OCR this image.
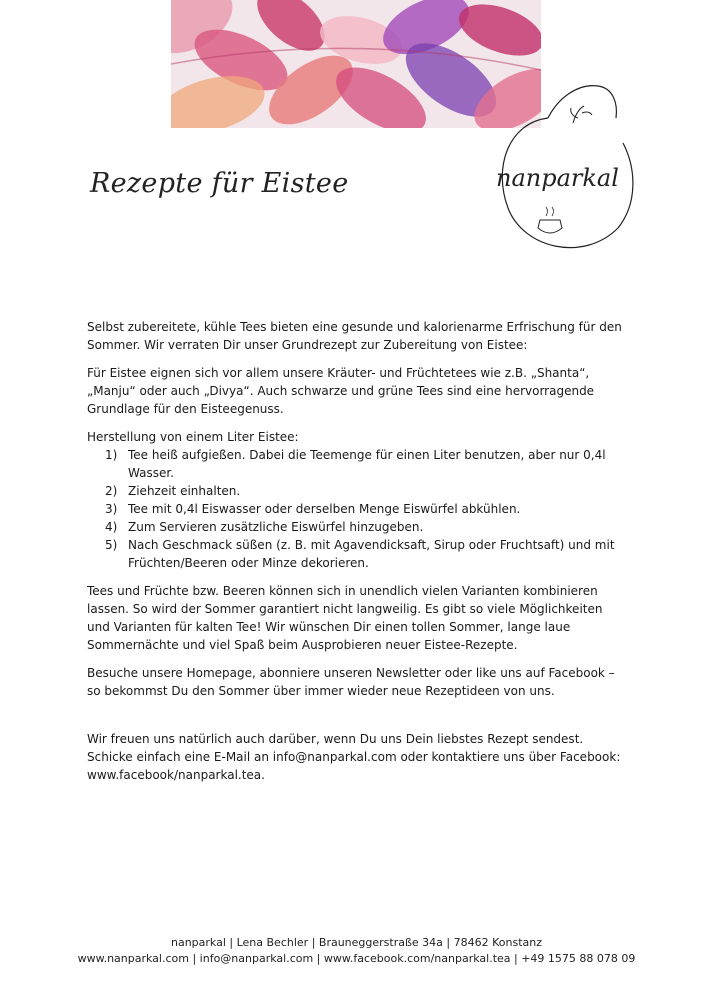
nanparkal
Rezepte für Eistee

Selbst zubereitete, kühle Tees bieten eine gesunde und kalorienarme Erfrischung für den Sommer. Wir verraten Dir unser Grundrezept zur Zubereitung von Eistee:

Für Eistee eignen sich vor allem unsere Kräuter- und Früchtetees wie z.B. „Shanta“, „Manju“ oder auch „Divya“. Auch schwarze und grüne Tees sind eine hervorragende Grundlage für den Eisteegenuss.

Herstellung von einem Liter Eistee:
1) Tee heiß aufgießen. Dabei die Teemenge für einen Liter benutzen, aber nur 0,4l Wasser.
2) Ziehzeit einhalten.
3) Tee mit 0,4l Eiswasser oder derselben Menge Eiswürfel abkühlen.
4) Zum Servieren zusätzliche Eiswürfel hinzugeben.
5) Nach Geschmack süßen (z. B. mit Agavendicksaft, Sirup oder Fruchtsaft) und mit Früchten/Beeren oder Minze dekorieren.

Tees und Früchte bzw. Beeren können sich in unendlich vielen Varianten kombinieren lassen. So wird der Sommer garantiert nicht langweilig. Es gibt so viele Möglichkeiten und Varianten für kalten Tee! Wir wünschen Dir einen tollen Sommer, lange laue Sommernächte und viel Spaß beim Ausprobieren neuer Eistee-Rezepte.

Besuche unsere Homepage, abonniere unseren Newsletter oder like uns auf Facebook – so bekommst Du den Sommer über immer wieder neue Rezeptideen von uns.

Wir freuen uns natürlich auch darüber, wenn Du uns Dein liebstes Rezept sendest. Schicke einfach eine E-Mail an info@nanparkal.com oder kontaktiere uns über Facebook: www.facebook/nanparkal.tea.

nanparkal | Lena Bechler | Brauneggerstraße 34a | 78462 Konstanz
www.nanparkal.com | info@nanparkal.com | www.facebook.com/nanparkal.tea | +49 1575 88 078 09
